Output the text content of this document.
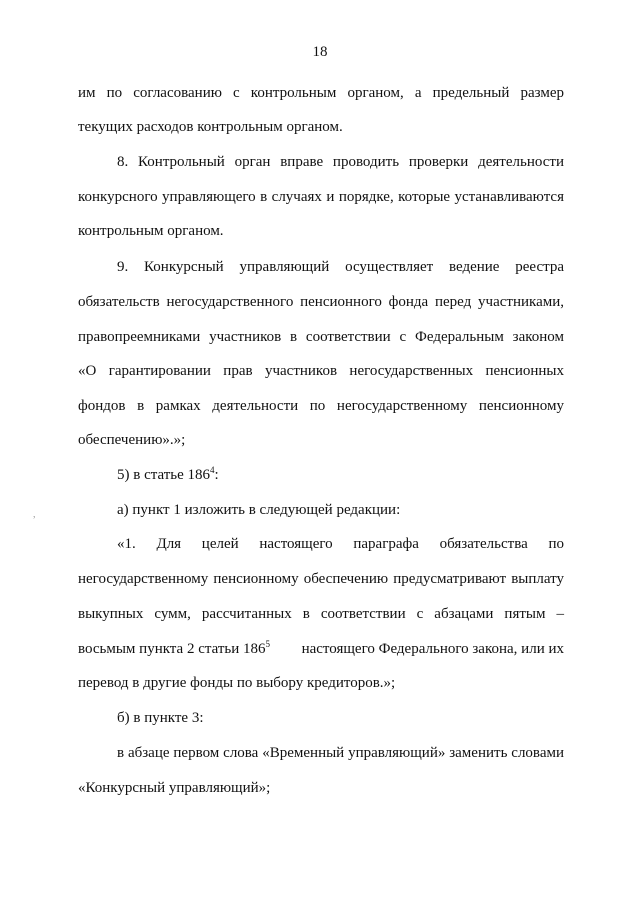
18
им по согласованию с контрольным органом, а предельный размер
текущих расходов контрольным органом.
8. Контрольный орган вправе проводить проверки деятельности
конкурсного управляющего в случаях и порядке, которые устанавливаются
контрольным органом.
9. Конкурсный управляющий осуществляет ведение реестра
обязательств негосударственного пенсионного фонда перед участниками,
правопреемниками участников в соответствии с Федеральным законом
«О гарантировании прав участников негосударственных пенсионных
фондов в рамках деятельности по негосударственному пенсионному
обеспечению».»;
5) в статье $186^4$:
,	а) пункт 1 изложить в следующей редакции:
«1. Для целей настоящего параграфа обязательства по
негосударственному пенсионному обеспечению предусматривают выплату
выкупных сумм, рассчитанных в соответствии с абзацами пятым –
восьмым пункта 2 статьи $186^5$ настоящего Федерального закона, или их
перевод в другие фонды по выбору кредиторов.»;
б) в пункте 3:
в абзаце первом слова «Временный управляющий» заменить словами
«Конкурсный управляющий»;
